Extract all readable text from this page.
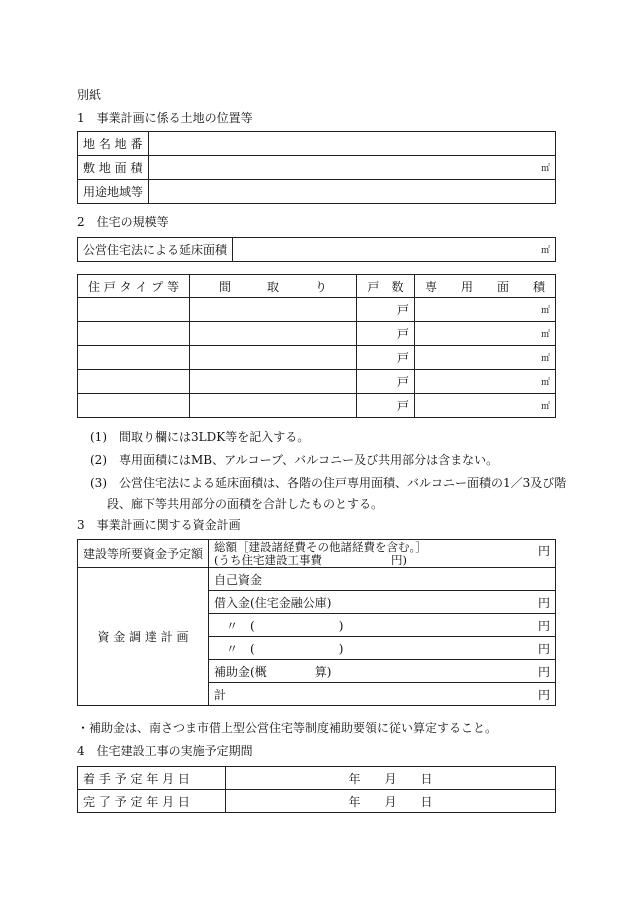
別紙
1　事業計画に係る土地の位置等
地 名 地 番	
敷 地 面 積	㎡
用途地域等	
2　住宅の規模等
公営住宅法による延床面積	㎡
住 戸 タ イ プ 等	間　　　取　　　り	戸　数	専　　用　　面　　積
		戸	㎡
		戸	㎡
		戸	㎡
		戸	㎡
		戸	㎡
(1)　間取り欄には3LDK等を記入する。
(2)　専用面積にはMB、アルコーブ、バルコニー及び共用部分は含まない。
(3)　公営住宅法による延床面積は、各階の住戸専用面積、バルコニー面積の1／3及び階
段、廊下等共用部分の面積を合計したものとする。
3　事業計画に関する資金計画
建設等所要資金予定額	総額［建設諸経費その他諸経費を含む。］
(うち住宅建設工事費　　　　　　円)	円
資 金 調 達 計 画	自己資金	
	借入金(住宅金融公庫)	円
	　〃　(　　　　　　　)	円
	　〃　(　　　　　　　)	円
	補助金(概　　　　算)	円
	計	円
・補助金は、南さつま市借上型公営住宅等制度補助要領に従い算定すること。
4　住宅建設工事の実施予定期間
着 手 予 定 年 月 日	年　　月　　日
完 了 予 定 年 月 日	年　　月　　日
